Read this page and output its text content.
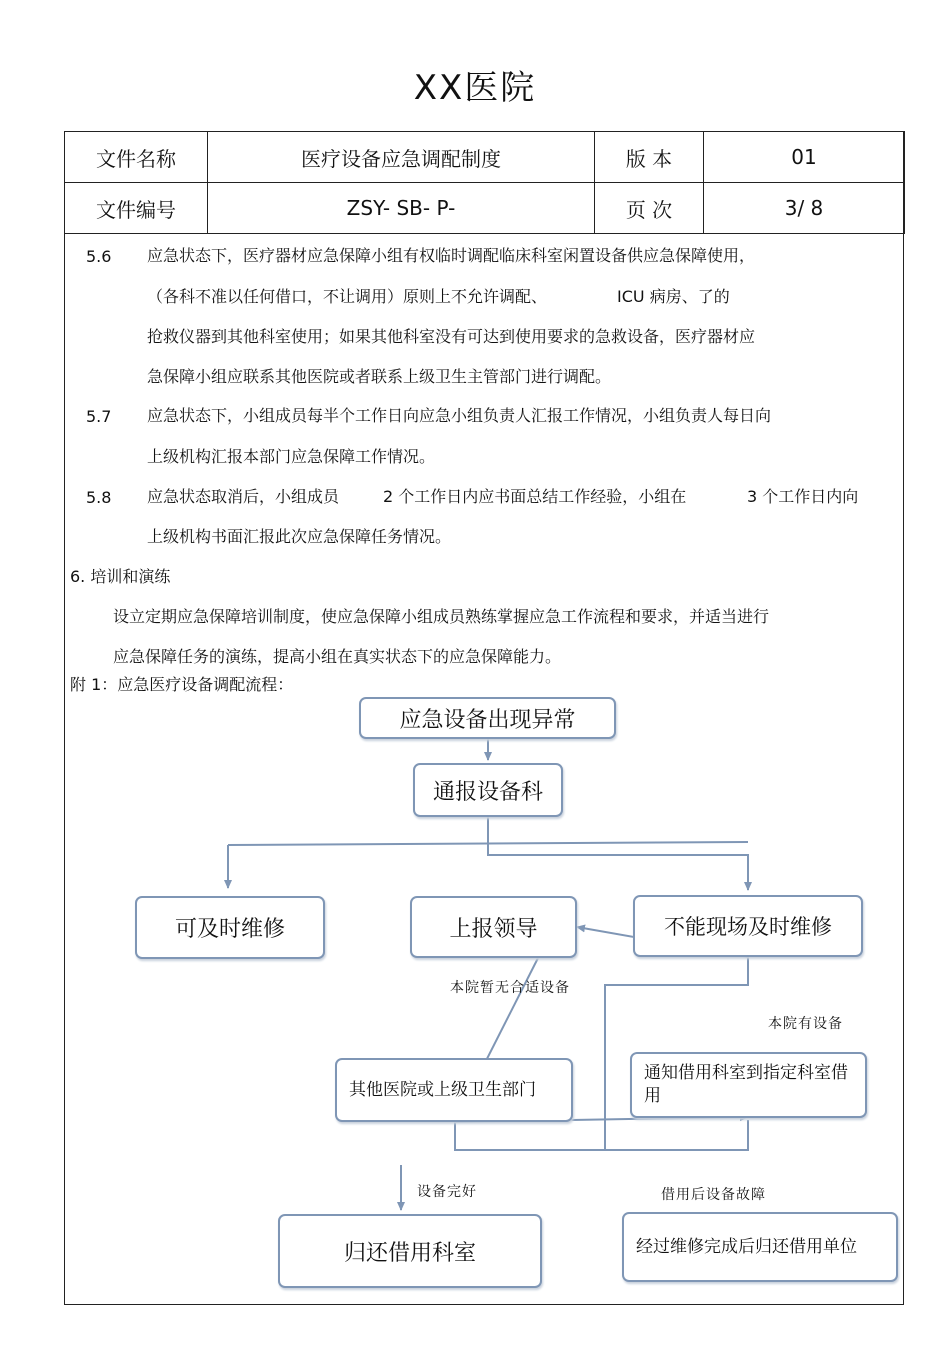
XX医院
文件名称	医疗设备应急调配制度	版 本	01
文件编号	ZSY- SB- P-	页 次	3/ 8
5.6 应急状态下，医疗器材应急保障小组有权临时调配临床科室闲置设备供应急保障使用，
（各科不准以任何借口，不让调用）原则上不允许调配、	ICU 病房、了的
抢救仪器到其他科室使用；如果其他科室没有可达到使用要求的急救设备，医疗器材应
急保障小组应联系其他医院或者联系上级卫生主管部门进行调配。
5.7 应急状态下，小组成员每半个工作日向应急小组负责人汇报工作情况，小组负责人每日向
上级机构汇报本部门应急保障工作情况。
5.8 应急状态取消后，小组成员	2 个工作日内应书面总结工作经验，小组在	3 个工作日内向
上级机构书面汇报此次应急保障任务情况。
6. 培训和演练
设立定期应急保障培训制度，使应急保障小组成员熟练掌握应急工作流程和要求，并适当进行
应急保障任务的演练，提高小组在真实状态下的应急保障能力。
附 1：应急医疗设备调配流程：
应急设备出现异常
通报设备科
可及时维修	上报领导	不能现场及时维修
其他医院或上级卫生部门
通知借用科室到指定科室借用
归还借用科室	经过维修完成后归还借用单位
本院暂无合适设备
本院有设备
设备完好	借用后设备故障
